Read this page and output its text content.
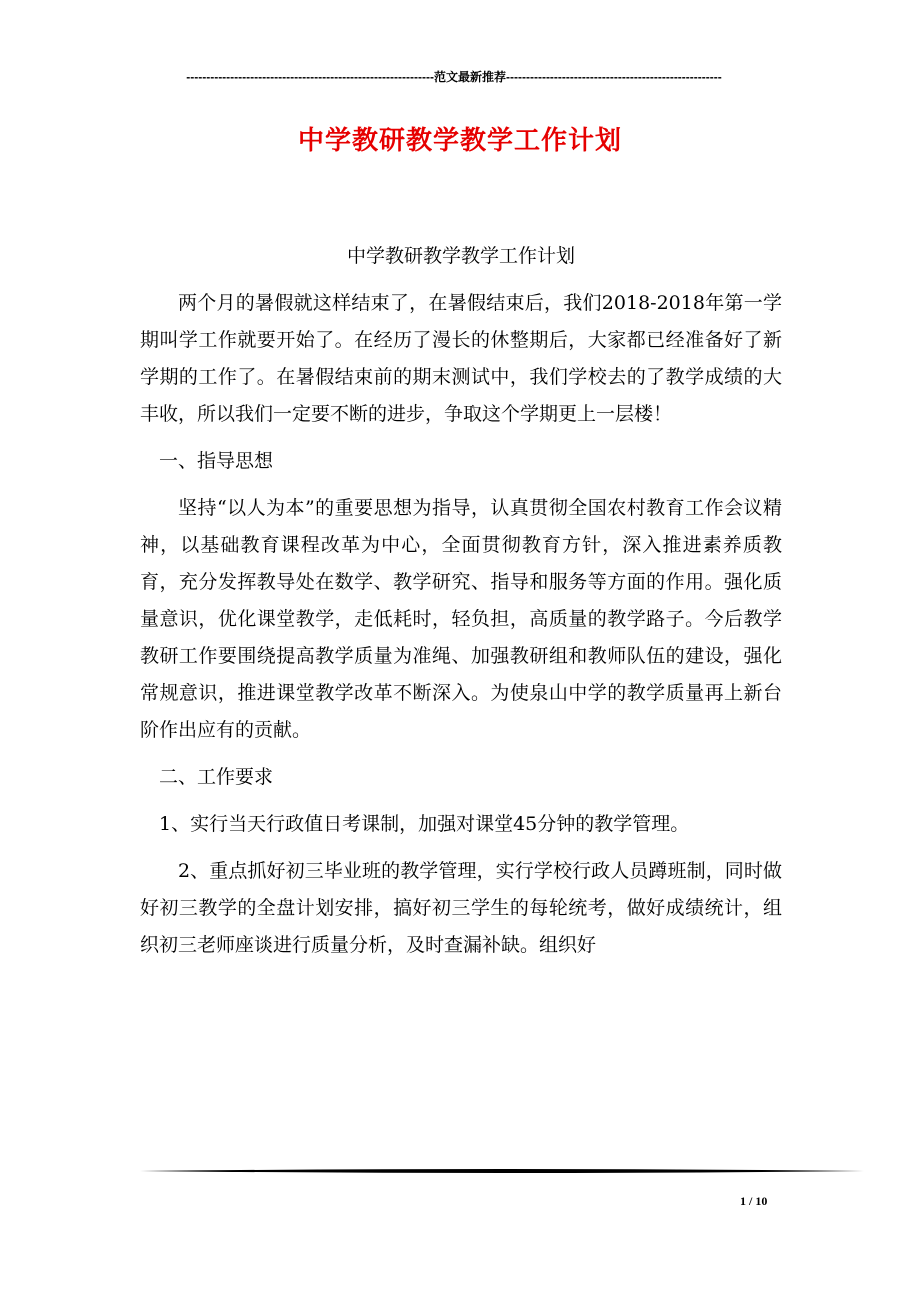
--------------------------------------------------------------范文最新推荐------------------------------------------------------
中学教研教学教学工作计划

中学教研教学教学工作计划

两个月的暑假就这样结束了，在暑假结束后，我们2018-2018年第一学期叫学工作就要开始了。在经历了漫长的休整期后，大家都已经准备好了新学期的工作了。在暑假结束前的期末测试中，我们学校去的了教学成绩的大丰收，所以我们一定要不断的进步，争取这个学期更上一层楼！

一、指导思想

坚持“以人为本”的重要思想为指导，认真贯彻全国农村教育工作会议精神，以基础教育课程改革为中心，全面贯彻教育方针，深入推进素养质教育，充分发挥教导处在数学、教学研究、指导和服务等方面的作用。强化质量意识，优化课堂教学，走低耗时，轻负担，高质量的教学路子。今后教学教研工作要围绕提高教学质量为准绳、加强教研组和教师队伍的建设，强化常规意识，推进课堂教学改革不断深入。为使泉山中学的教学质量再上新台阶作出应有的贡献。

二、工作要求

1、实行当天行政值日考课制，加强对课堂45分钟的教学管理。

2、重点抓好初三毕业班的教学管理，实行学校行政人员蹲班制，同时做好初三教学的全盘计划安排，搞好初三学生的每轮统考，做好成绩统计，组织初三老师座谈进行质量分析，及时查漏补缺。组织好

1 / 10
